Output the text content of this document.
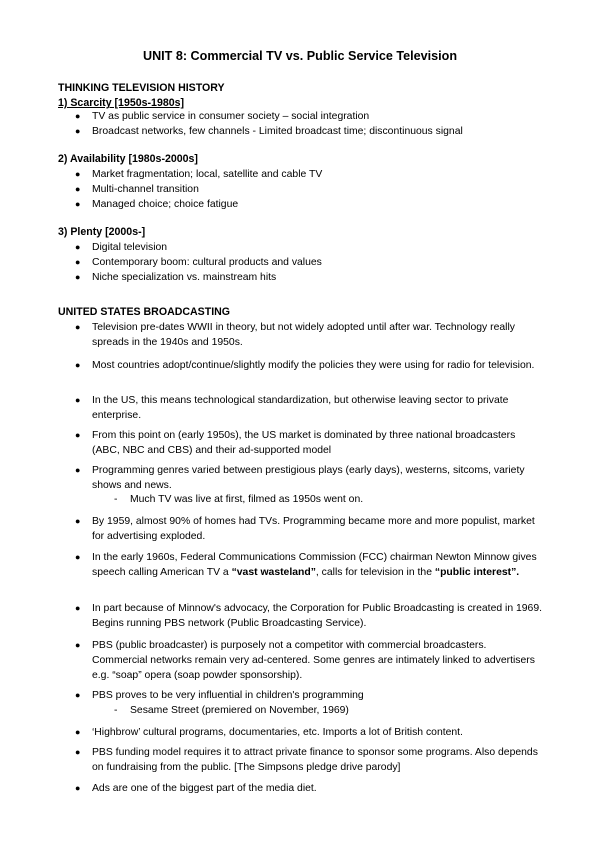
UNIT 8: Commercial TV vs. Public Service Television
THINKING TELEVISION HISTORY
1) Scarcity [1950s-1980s]
● TV as public service in consumer society – social integration
● Broadcast networks, few channels - Limited broadcast time; discontinuous signal
2) Availability [1980s-2000s]
● Market fragmentation; local, satellite and cable TV
● Multi-channel transition
● Managed choice; choice fatigue
3) Plenty [2000s-]
● Digital television
● Contemporary boom: cultural products and values
● Niche specialization vs. mainstream hits
UNITED STATES BROADCASTING
● Television pre-dates WWII in theory, but not widely adopted until after war. Technology really spreads in the 1940s and 1950s.
● Most countries adopt/continue/slightly modify the policies they were using for radio for television.
● In the US, this means technological standardization, but otherwise leaving sector to private enterprise.
● From this point on (early 1950s), the US market is dominated by three national broadcasters (ABC, NBC and CBS) and their ad-supported model
● Programming genres varied between prestigious plays (early days), westerns, sitcoms, variety shows and news.
- Much TV was live at first, filmed as 1950s went on.
● By 1959, almost 90% of homes had TVs. Programming became more and more populist, market for advertising exploded.
● In the early 1960s, Federal Communications Commission (FCC) chairman Newton Minnow gives speech calling American TV a “vast wasteland”, calls for television in the “public interest”.
● In part because of Minnow's advocacy, the Corporation for Public Broadcasting is created in 1969. Begins running PBS network (Public Broadcasting Service).
● PBS (public broadcaster) is purposely not a competitor with commercial broadcasters. Commercial networks remain very ad-centered. Some genres are intimately linked to advertisers e.g. “soap” opera (soap powder sponsorship).
● PBS proves to be very influential in children's programming
- Sesame Street (premiered on November, 1969)
● ‘Highbrow’ cultural programs, documentaries, etc. Imports a lot of British content.
● PBS funding model requires it to attract private finance to sponsor some programs. Also depends on fundraising from the public. [The Simpsons pledge drive parody]
● Ads are one of the biggest part of the media diet.
